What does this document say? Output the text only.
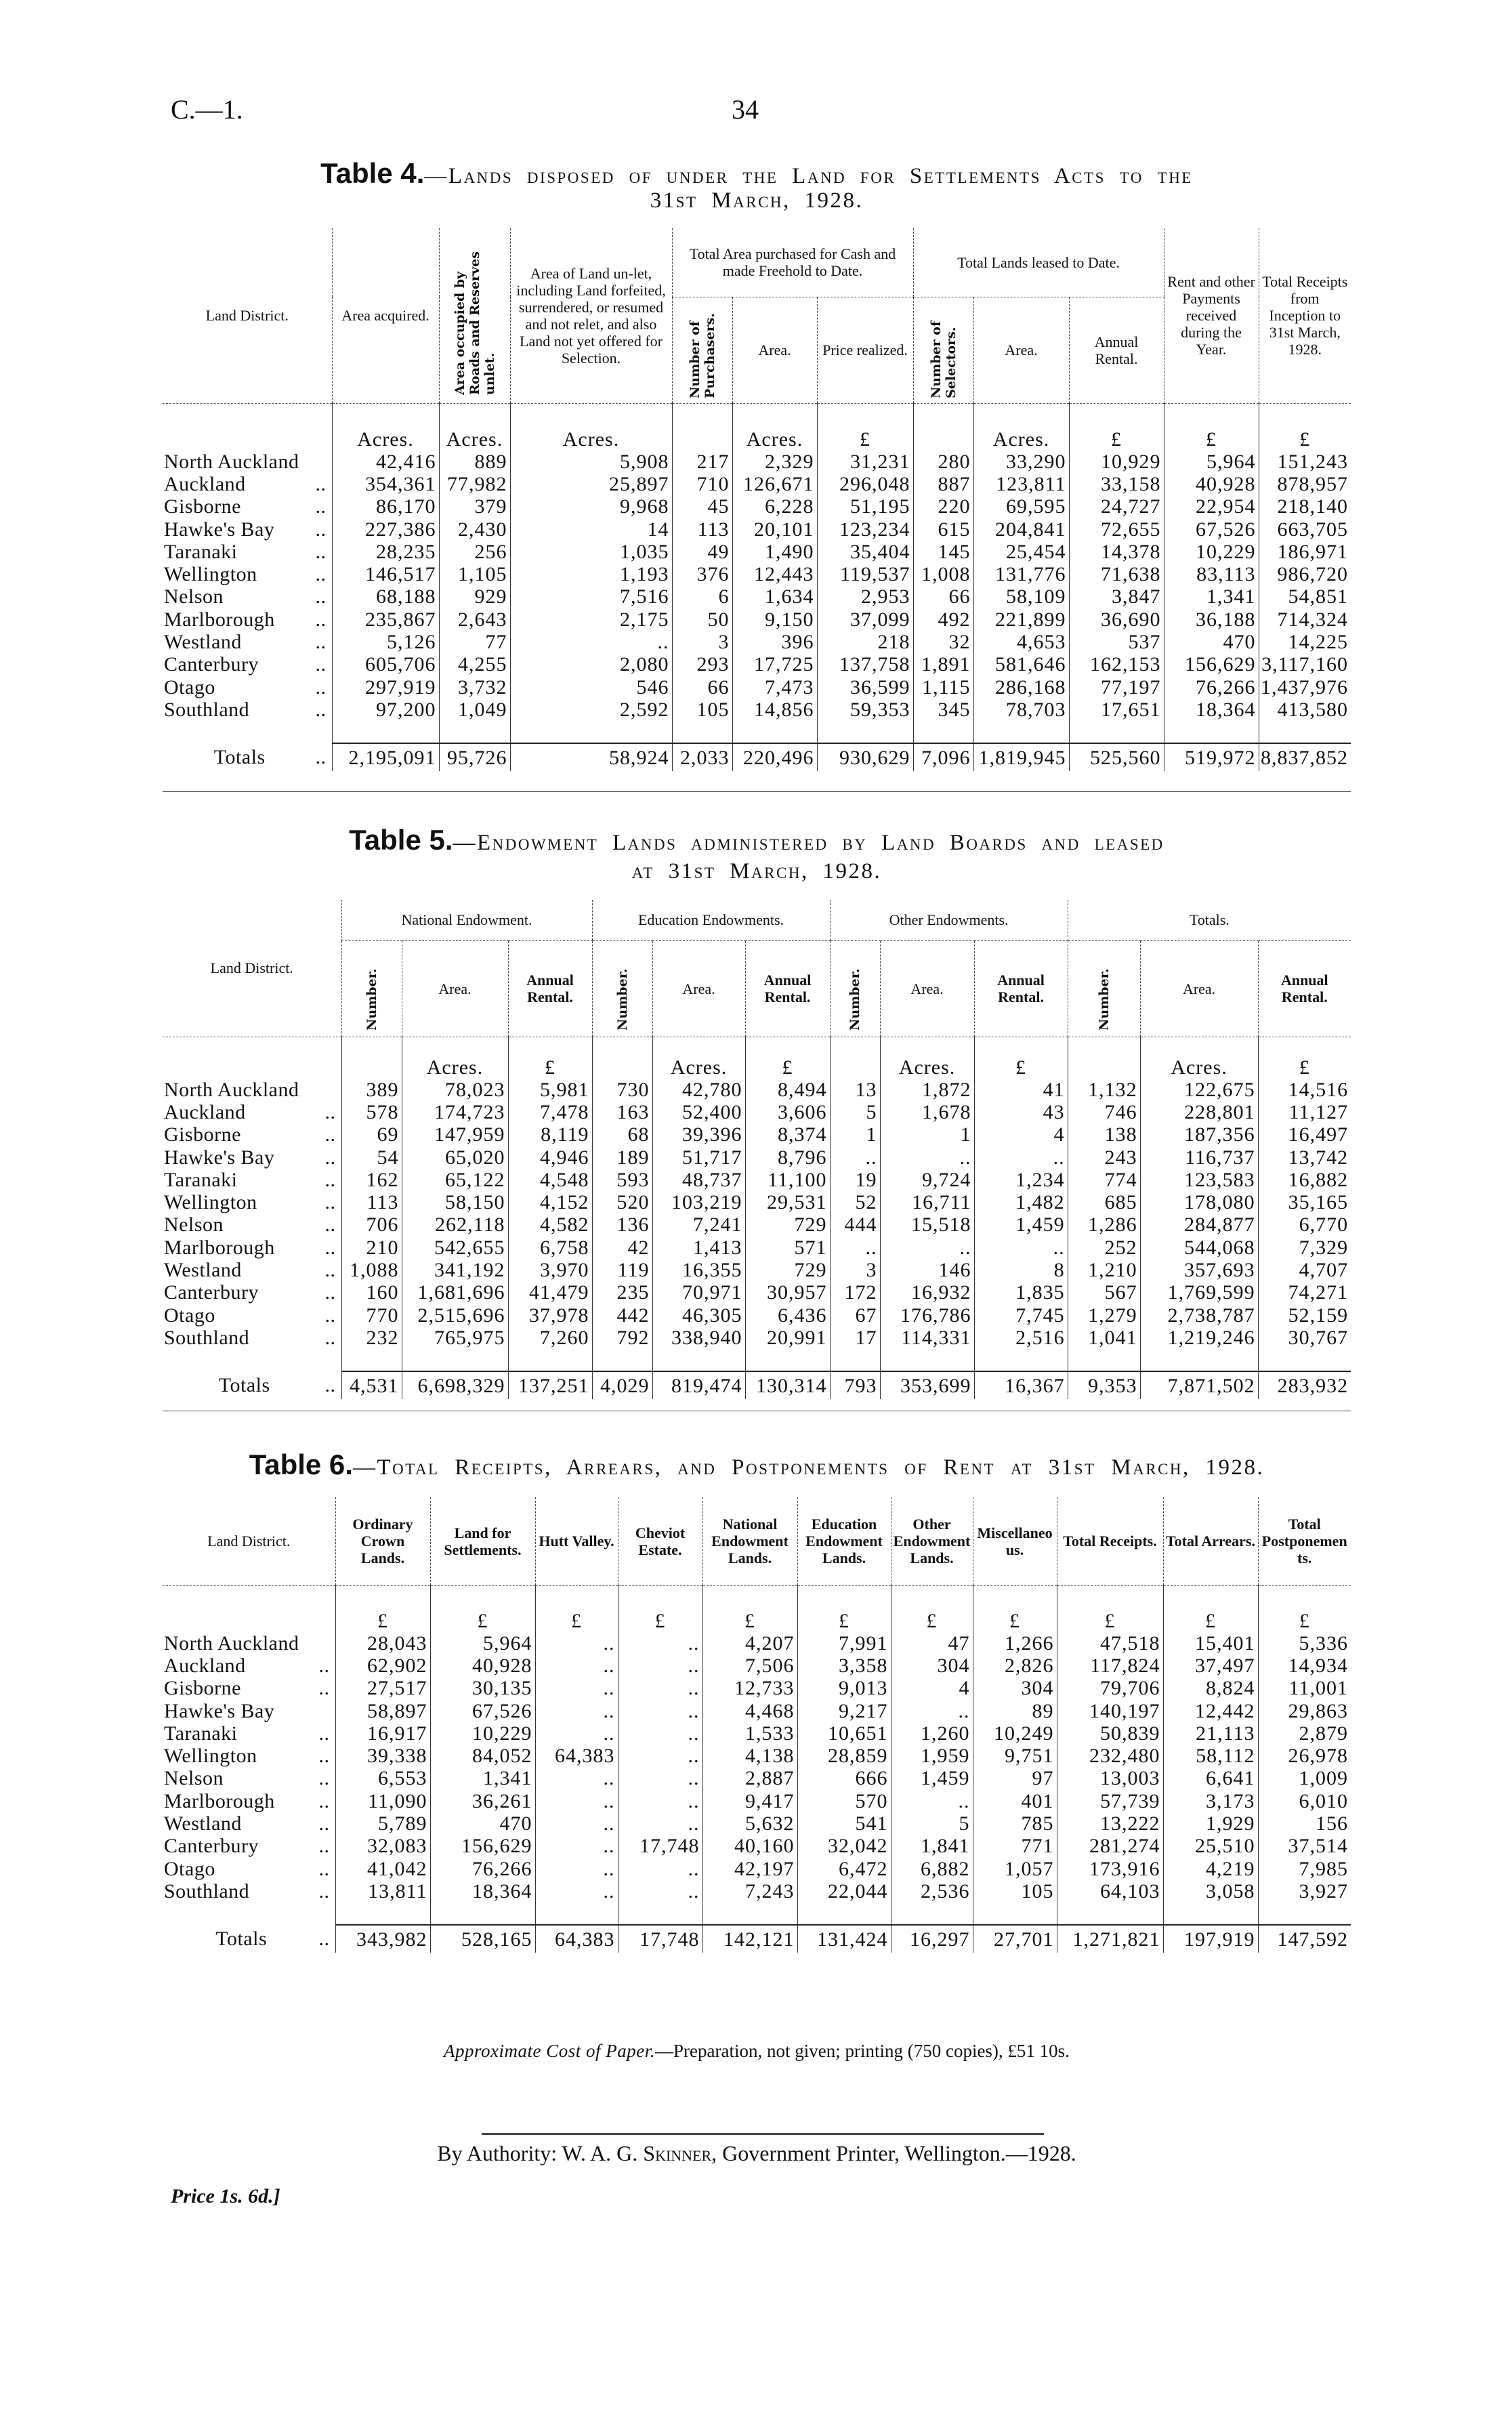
C.—1.	34
Table 4.—Lands disposed of under the Land for Settlements Acts to the
31st March, 1928.
Land District.	Area acquired.	Area occupied by Roads and Reserves unlet.	Area of Land un-let, including Land forfeited, surrendered, or resumed and not relet, and also Land not yet offered for Selection.	Total Area purchased for Cash and made Freehold to Date.			Total Lands leased to Date.			Rent and other Payments received during the Year.	Total Receipts from Inception to 31st March, 1928.
				Number of Purchasers.	Area.	Price realized.	Number of Selectors.	Area.	Annual Rental.		
	Acres.	Acres.	Acres.		Acres.	£		Acres.	£	£	£
North Auckland	42,416	889	5,908	217	2,329	31,231	280	33,290	10,929	5,964	151,243
Auckland ..	354,361	77,982	25,897	710	126,671	296,048	887	123,811	33,158	40,928	878,957
Gisborne ..	86,170	379	9,968	45	6,228	51,195	220	69,595	24,727	22,954	218,140
Hawke's Bay ..	227,386	2,430	14	113	20,101	123,234	615	204,841	72,655	67,526	663,705
Taranaki ..	28,235	256	1,035	49	1,490	35,404	145	25,454	14,378	10,229	186,971
Wellington ..	146,517	1,105	1,193	376	12,443	119,537	1,008	131,776	71,638	83,113	986,720
Nelson ..	68,188	929	7,516	6	1,634	2,953	66	58,109	3,847	1,341	54,851
Marlborough ..	235,867	2,643	2,175	50	9,150	37,099	492	221,899	36,690	36,188	714,324
Westland ..	5,126	77	..	3	396	218	32	4,653	537	470	14,225
Canterbury ..	605,706	4,255	2,080	293	17,725	137,758	1,891	581,646	162,153	156,629	3,117,160
Otago ..	297,919	3,732	546	66	7,473	36,599	1,115	286,168	77,197	76,266	1,437,976
Southland ..	97,200	1,049	2,592	105	14,856	59,353	345	78,703	17,651	18,364	413,580

Totals ..	2,195,091	95,726	58,924	2,033	220,496	930,629	7,096	1,819,945	525,560	519,972	8,837,852
Table 5.—Endowment Lands administered by Land Boards and leased
at 31st March, 1928.
Land District.	National Endowment.			Education Endowments.			Other Endowments.			Totals.		
	Number.	Area.	Annual Rental.	Number.	Area.	Annual Rental.	Number.	Area.	Annual Rental.	Number.	Area.	Annual Rental.
		Acres.	£		Acres.	£		Acres.	£		Acres.	£
North Auckland	389	78,023	5,981	730	42,780	8,494	13	1,872	41	1,132	122,675	14,516
Auckland ..	578	174,723	7,478	163	52,400	3,606	5	1,678	43	746	228,801	11,127
Gisborne ..	69	147,959	8,119	68	39,396	8,374	1	1	4	138	187,356	16,497
Hawke's Bay ..	54	65,020	4,946	189	51,717	8,796	..	..	..	243	116,737	13,742
Taranaki ..	162	65,122	4,548	593	48,737	11,100	19	9,724	1,234	774	123,583	16,882
Wellington ..	113	58,150	4,152	520	103,219	29,531	52	16,711	1,482	685	178,080	35,165
Nelson ..	706	262,118	4,582	136	7,241	729	444	15,518	1,459	1,286	284,877	6,770
Marlborough ..	210	542,655	6,758	42	1,413	571	..	..	..	252	544,068	7,329
Westland ..	1,088	341,192	3,970	119	16,355	729	3	146	8	1,210	357,693	4,707
Canterbury ..	160	1,681,696	41,479	235	70,971	30,957	172	16,932	1,835	567	1,769,599	74,271
Otago ..	770	2,515,696	37,978	442	46,305	6,436	67	176,786	7,745	1,279	2,738,787	52,159
Southland ..	232	765,975	7,260	792	338,940	20,991	17	114,331	2,516	1,041	1,219,246	30,767

Totals ..	4,531	6,698,329	137,251	4,029	819,474	130,314	793	353,699	16,367	9,353	7,871,502	283,932
Table 6.—Total Receipts, Arrears, and Postponements of Rent at 31st March, 1928.
Land District.	Ordinary Crown Lands.	Land for Settlements.	Hutt Valley.	Cheviot Estate.	National Endowment Lands.	Education Endowment Lands.	Other Endowment Lands.	Miscellaneous.	Total Receipts.	Total Arrears.	Total Postponements.
	£	£	£	£	£	£	£	£	£	£	£
North Auckland	28,043	5,964	..	..	4,207	7,991	47	1,266	47,518	15,401	5,336
Auckland ..	62,902	40,928	..	..	7,506	3,358	304	2,826	117,824	37,497	14,934
Gisborne ..	27,517	30,135	..	..	12,733	9,013	4	304	79,706	8,824	11,001
Hawke's Bay	58,897	67,526	..	..	4,468	9,217	..	89	140,197	12,442	29,863
Taranaki ..	16,917	10,229	..	..	1,533	10,651	1,260	10,249	50,839	21,113	2,879
Wellington ..	39,338	84,052	64,383	..	4,138	28,859	1,959	9,751	232,480	58,112	26,978
Nelson ..	6,553	1,341	..	..	2,887	666	1,459	97	13,003	6,641	1,009
Marlborough ..	11,090	36,261	..	..	9,417	570	..	401	57,739	3,173	6,010
Westland ..	5,789	470	..	..	5,632	541	5	785	13,222	1,929	156
Canterbury ..	32,083	156,629	..	17,748	40,160	32,042	1,841	771	281,274	25,510	37,514
Otago ..	41,042	76,266	..	..	42,197	6,472	6,882	1,057	173,916	4,219	7,985
Southland ..	13,811	18,364	..	..	7,243	22,044	2,536	105	64,103	3,058	3,927

Totals ..	343,982	528,165	64,383	17,748	142,121	131,424	16,297	27,701	1,271,821	197,919	147,592
Approximate Cost of Paper.—Preparation, not given; printing (750 copies), £51 10s.
By Authority: W. A. G. Skinner, Government Printer, Wellington.—1928.
Price 1s. 6d.]
